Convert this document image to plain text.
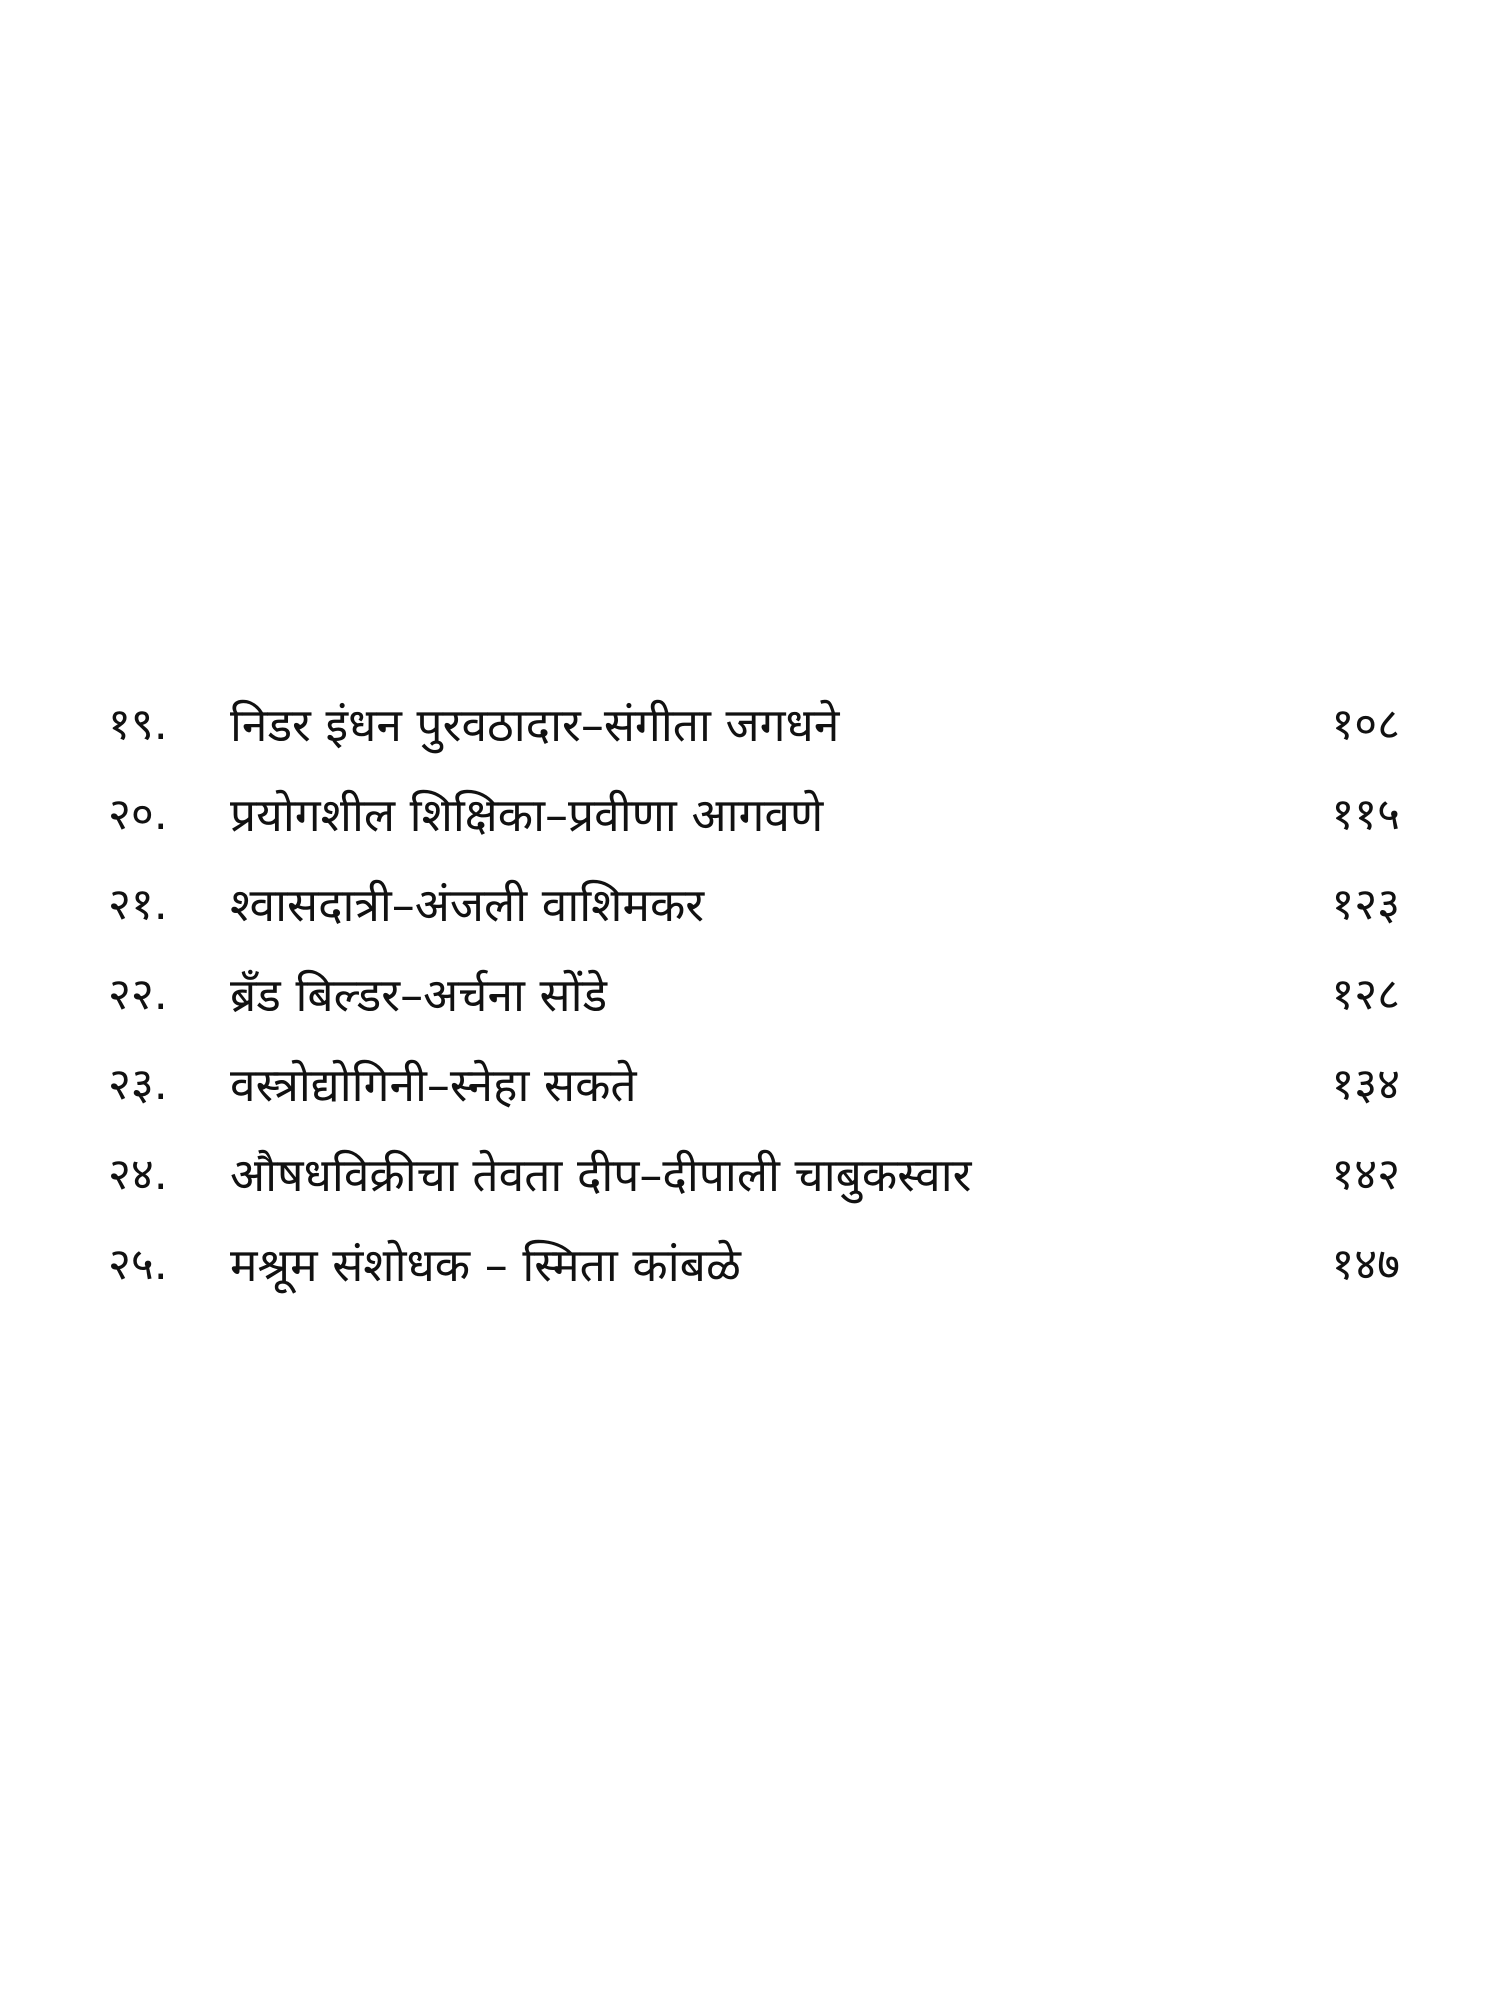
१९. निडर इंधन पुरवठादार–संगीता जगधने	१०८
२०. प्रयोगशील शिक्षिका–प्रवीणा आगवणे	११५
२१. श्वासदात्री–अंजली वाशिमकर	१२३
२२. ब्रँड बिल्डर–अर्चना सोंडे	१२८
२३. वस्त्रोद्योगिनी–स्नेहा सकते	१३४
२४. औषधविक्रीचा तेवता दीप–दीपाली चाबुकस्वार	१४२
२५. मश्रूम संशोधक – स्मिता कांबळे	१४७
